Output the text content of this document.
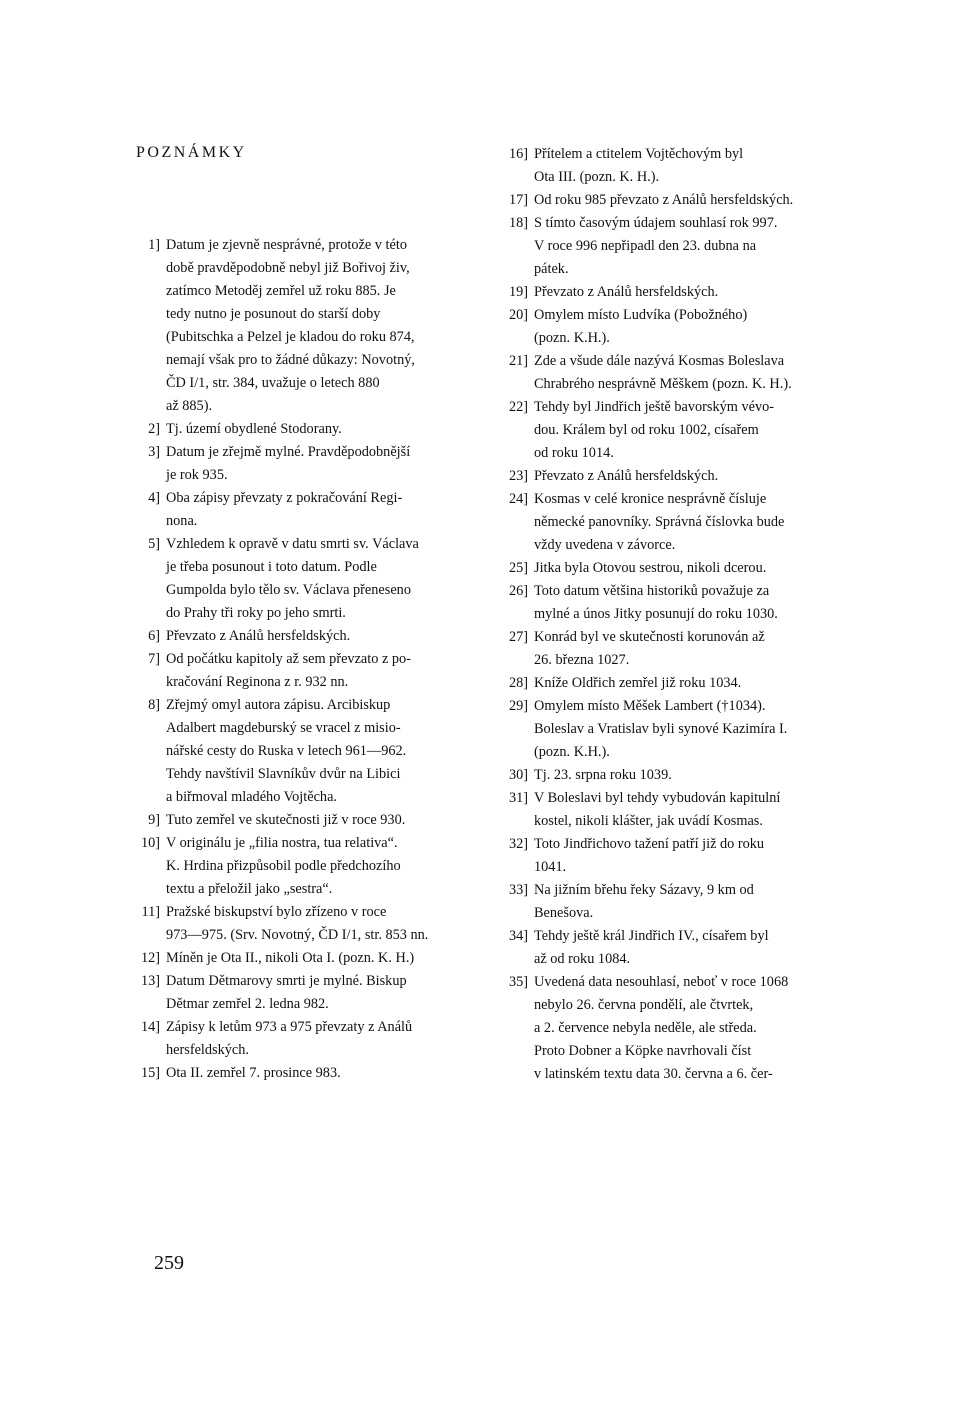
POZNÁMKY
1] Datum je zjevně nesprávné, protože v této
době pravděpodobně nebyl již Bořivoj živ,
zatímco Metoděj zemřel už roku 885. Je
tedy nutno je posunout do starší doby
(Pubitschka a Pelzel je kladou do roku 874,
nemají však pro to žádné důkazy: Novotný,
ČD I/1, str. 384, uvažuje o letech 880
až 885).
2] Tj. území obydlené Stodorany.
3] Datum je zřejmě mylné. Pravděpodobnější
je rok 935.
4] Oba zápisy převzaty z pokračování Regi-
nona.
5] Vzhledem k opravě v datu smrti sv. Václava
je třeba posunout i toto datum. Podle
Gumpolda bylo tělo sv. Václava přeneseno
do Prahy tři roky po jeho smrti.
6] Převzato z Análů hersfeldských.
7] Od počátku kapitoly až sem převzato z po-
kračování Reginona z r. 932 nn.
8] Zřejmý omyl autora zápisu. Arcibiskup
Adalbert magdeburský se vracel z misio-
nářské cesty do Ruska v letech 961—962.
Tehdy navštívil Slavníkův dvůr na Libici
a biřmoval mladého Vojtěcha.
9] Tuto zemřel ve skutečnosti již v roce 930.
10] V originálu je „filia nostra, tua relativa“.
K. Hrdina přizpůsobil podle předchozího
textu a přeložil jako „sestra“.
11] Pražské biskupství bylo zřízeno v roce
973—975. (Srv. Novotný, ČD I/1, str. 853 nn.
12] Míněn je Ota II., nikoli Ota I. (pozn. K. H.)
13] Datum Dětmarovy smrti je mylné. Biskup
Dětmar zemřel 2. ledna 982.
14] Zápisy k letům 973 a 975 převzaty z Análů
hersfeldských.
15] Ota II. zemřel 7. prosince 983.
16] Přítelem a ctitelem Vojtěchovým byl
Ota III. (pozn. K. H.).
17] Od roku 985 převzato z Análů hersfeldských.
18] S tímto časovým údajem souhlasí rok 997.
V roce 996 nepřipadl den 23. dubna na
pátek.
19] Převzato z Análů hersfeldských.
20] Omylem místo Ludvíka (Pobožného)
(pozn. K.H.).
21] Zde a všude dále nazývá Kosmas Boleslava
Chrabrého nesprávně Měškem (pozn. K. H.).
22] Tehdy byl Jindřich ještě bavorským vévo-
dou. Králem byl od roku 1002, císařem
od roku 1014.
23] Převzato z Análů hersfeldských.
24] Kosmas v celé kronice nesprávně čísluje
německé panovníky. Správná číslovka bude
vždy uvedena v závorce.
25] Jitka byla Otovou sestrou, nikoli dcerou.
26] Toto datum většina historiků považuje za
mylné a únos Jitky posunují do roku 1030.
27] Konrád byl ve skutečnosti korunován až
26. března 1027.
28] Kníže Oldřich zemřel již roku 1034.
29] Omylem místo Měšek Lambert (†1034).
Boleslav a Vratislav byli synové Kazimíra I.
(pozn. K.H.).
30] Tj. 23. srpna roku 1039.
31] V Boleslavi byl tehdy vybudován kapitulní
kostel, nikoli klášter, jak uvádí Kosmas.
32] Toto Jindřichovo tažení patří již do roku
1041.
33] Na jižním břehu řeky Sázavy, 9 km od
Benešova.
34] Tehdy ještě král Jindřich IV., císařem byl
až od roku 1084.
35] Uvedená data nesouhlasí, neboť v roce 1068
nebylo 26. června pondělí, ale čtvrtek,
a 2. července nebyla neděle, ale středa.
Proto Dobner a Köpke navrhovali číst
v latinském textu data 30. června a 6. čer-

259
